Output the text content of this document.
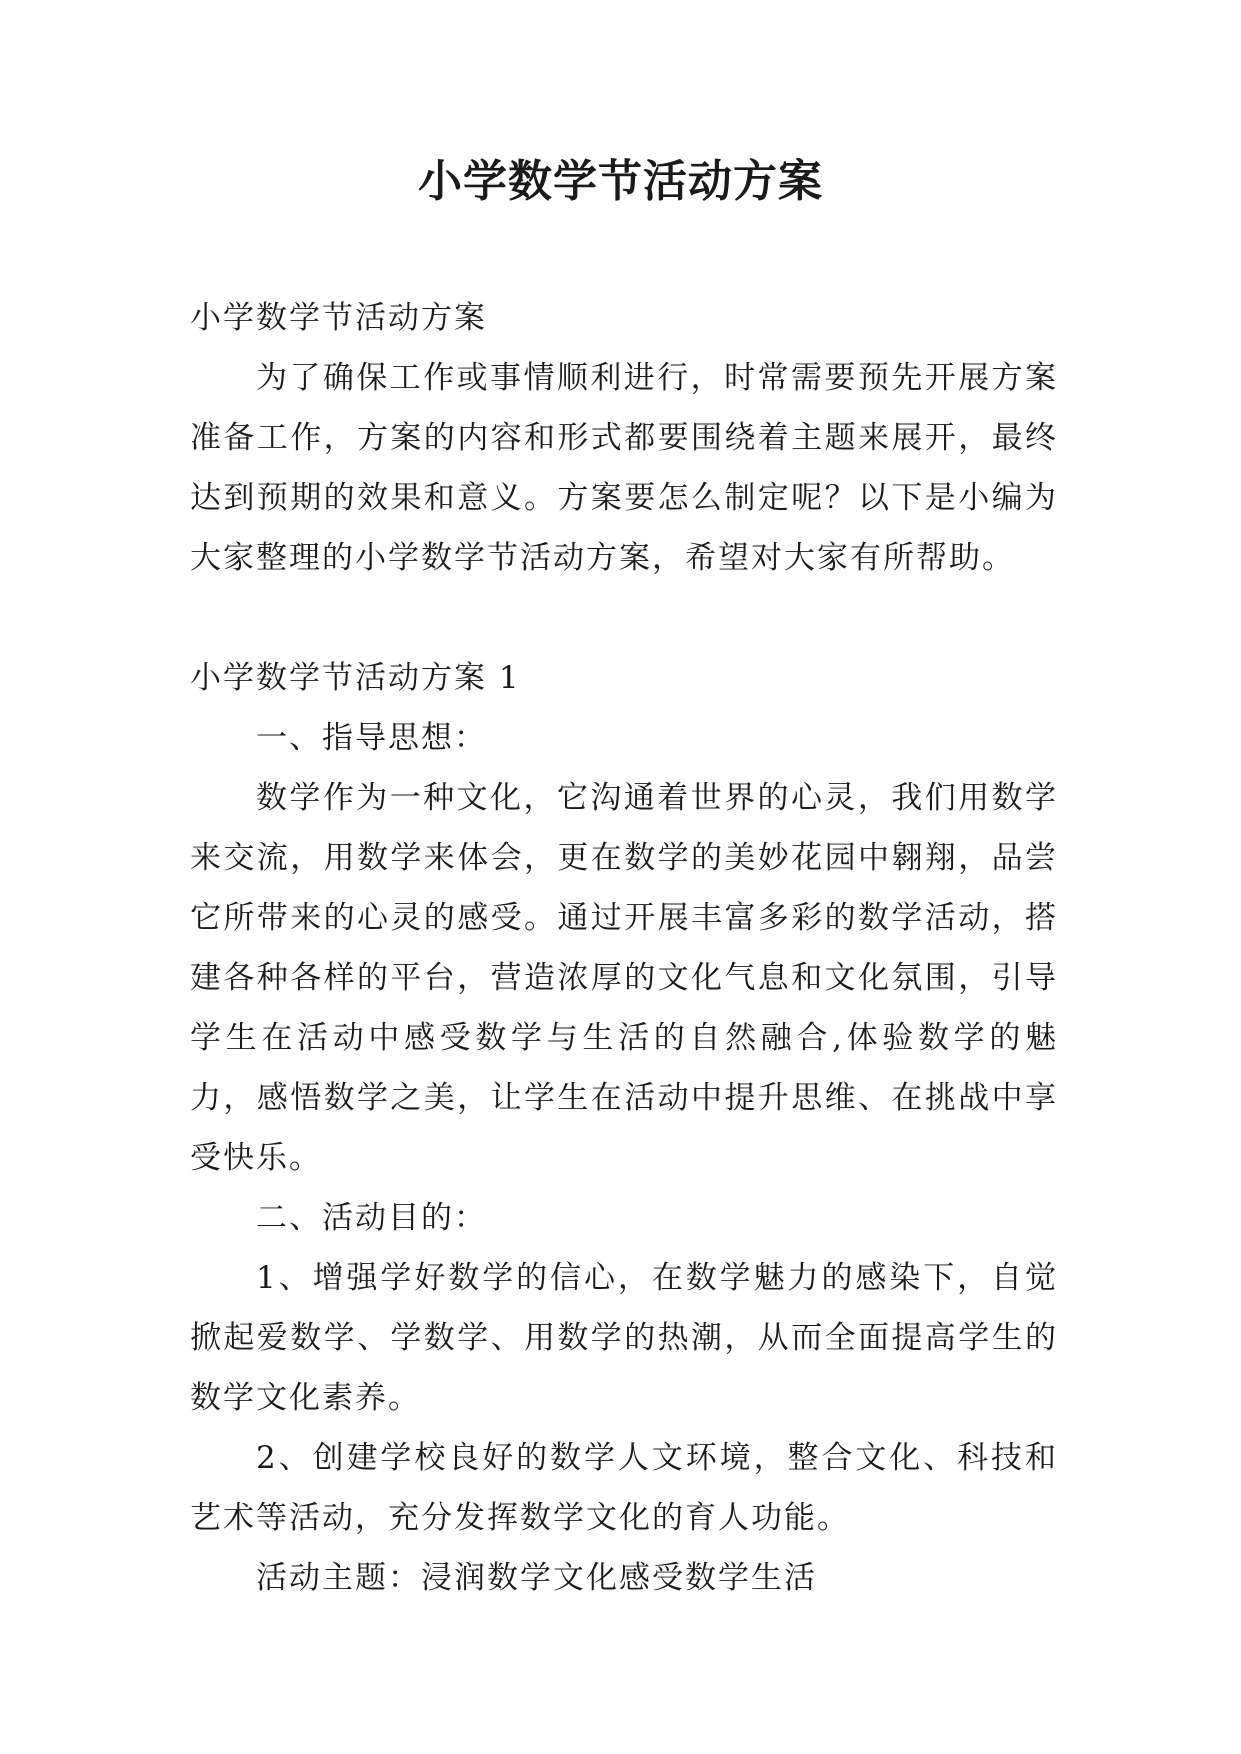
小学数学节活动方案

小学数学节活动方案

为了确保工作或事情顺利进行，时常需要预先开展方案准备工作，方案的内容和形式都要围绕着主题来展开，最终达到预期的效果和意义。方案要怎么制定呢？以下是小编为大家整理的小学数学节活动方案，希望对大家有所帮助。

小学数学节活动方案 1

一、指导思想：

数学作为一种文化，它沟通着世界的心灵，我们用数学来交流，用数学来体会，更在数学的美妙花园中翱翔，品尝它所带来的心灵的感受。通过开展丰富多彩的数学活动，搭建各种各样的平台，营造浓厚的文化气息和文化氛围，引导学生在活动中感受数学与生活的自然融合,体验数学的魅力，感悟数学之美，让学生在活动中提升思维、在挑战中享受快乐。

二、活动目的：

1、增强学好数学的信心，在数学魅力的感染下，自觉掀起爱数学、学数学、用数学的热潮，从而全面提高学生的数学文化素养。

2、创建学校良好的数学人文环境，整合文化、科技和艺术等活动，充分发挥数学文化的育人功能。

活动主题：浸润数学文化感受数学生活
